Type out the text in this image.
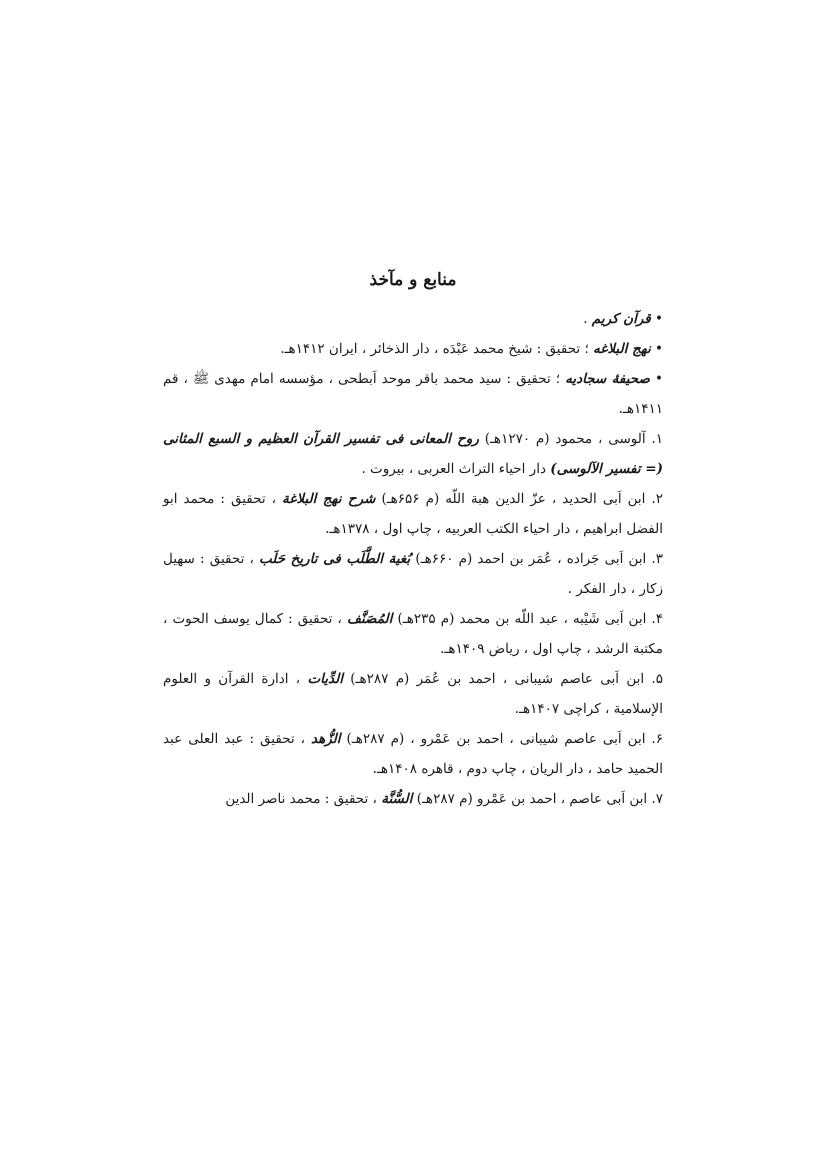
منابع و مآخذ

• قرآن کریم .

• نهج البلاغه ؛ تحقیق : شیخ محمد عَبْدَه ، دار الذخائر ، ایران ۱۴۱۲هـ.

• صحیفهٔ سجادیه ؛ تحقیق : سید محمد باقر موحد اَبطحی ، مؤسسه امام مهدی ﷺ ، قم ۱۴۱۱هـ.

۱. آلوسی ، محمود (م ۱۲۷۰هـ) روح المعانی فی تفسیر القرآن العظیم و السبع المثانی (= تفسیر الآلوسی) دار احیاء التراث العربی ، بیروت .

۲. ابن اَبی الحدید ، عزّ الدین هبة اللّه (م ۶۵۶هـ) شرح نهج البلاغة ، تحقیق : محمد ابو الفضل ابراهیم ، دار احیاء الکتب العربیه ، چاپ اول ، ۱۳۷۸هـ.

۳. ابن اَبی جَراده ، عُمَر بن احمد (م ۶۶۰هـ) بُغیة الطَّلَب فی تاریخ حَلَب ، تحقیق : سهیل زکار ، دار الفکر .

۴. ابن اَبی شَیْبه ، عبد اللّه بن محمد (م ۲۳۵هـ) المُصَنَّف ، تحقیق : کمال یوسف الحوت ، مکتبة الرشد ، چاپ اول ، ریاض ۱۴۰۹هـ.

۵. ابن اَبی عاصم شیبانی ، احمد بن عُمَر (م ۲۸۷هـ) الدِّیات ، ادارة القرآن و العلوم الإسلامیة ، کراچی ۱۴۰۷هـ.

۶. ابن اَبی عاصم شیبانی ، احمد بن عَمْرو ، (م ۲۸۷هـ) الزُّهد ، تحقیق : عبد العلی عبد الحمید حامد ، دار الریان ، چاپ دوم ، قاهره ۱۴۰۸هـ.

۷. ابن اَبی عاصم ، احمد بن عَمْرو (م ۲۸۷هـ) السُّنَّة ، تحقیق : محمد ناصر الدین
